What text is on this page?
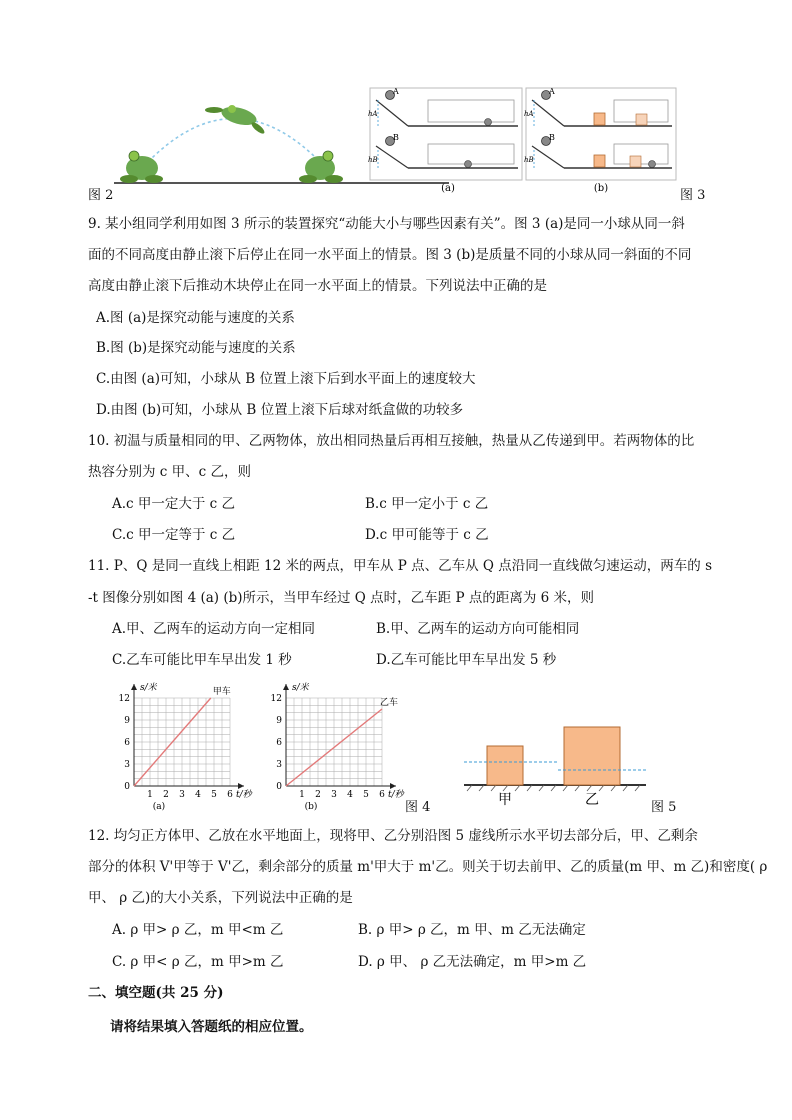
图 2
A
B
hA
hB
A
B
hA
hB
(a)	(b)	图 3
9. 某小组同学利用如图 3 所示的装置探究“动能大小与哪些因素有关”。图 3 (a)是同一小球从同一斜
面的不同高度由静止滚下后停止在同一水平面上的情景。图 3 (b)是质量不同的小球从同一斜面的不同
高度由静止滚下后推动木块停止在同一水平面上的情景。下列说法中正确的是
A.图 (a)是探究动能与速度的关系
B.图 (b)是探究动能与速度的关系
C.由图 (a)可知，小球从 B 位置上滚下后到水平面上的速度较大
D.由图 (b)可知，小球从 B 位置上滚下后球对纸盒做的功较多
10. 初温与质量相同的甲、乙两物体，放出相同热量后再相互接触，热量从乙传递到甲。若两物体的比
热容分别为 c 甲、c 乙，则
A.c 甲一定大于 c 乙	B.c 甲一定小于 c 乙
C.c 甲一定等于 c 乙	D.c 甲可能等于 c 乙
11. P、Q 是同一直线上相距 12 米的两点，甲车从 P 点、乙车从 Q 点沿同一直线做匀速运动，两车的 s
-t 图像分别如图 4 (a) (b)所示，当甲车经过 Q 点时，乙车距 P 点的距离为 6 米，则
A.甲、乙两车的运动方向一定相同	B.甲、乙两车的运动方向可能相同
C.乙车可能比甲车早出发 1 秒	D.乙车可能比甲车早出发 5 秒
1 2 3 4 5 6
0
3
6
9
12
s/米
t/秒
(a)
甲车
1 2 3 4 5 6
0
3
6
9
12
s/米
t/秒
(b)
乙车
图 4	甲	乙	图 5
12. 均匀正方体甲、乙放在水平地面上，现将甲、乙分别沿图 5 虚线所示水平切去部分后，甲、乙剩余
部分的体积 V'甲等于 V'乙，剩余部分的质量 m'甲大于 m'乙。则关于切去前甲、乙的质量(m 甲、m 乙)和密度( ρ
甲、 ρ 乙)的大小关系，下列说法中正确的是
A. ρ 甲> ρ 乙，m 甲<m 乙	B. ρ 甲> ρ 乙，m 甲、m 乙无法确定
C. ρ 甲< ρ 乙，m 甲>m 乙	D. ρ 甲、 ρ 乙无法确定，m 甲>m 乙
二、填空题(共 25 分)
请将结果填入答题纸的相应位置。
